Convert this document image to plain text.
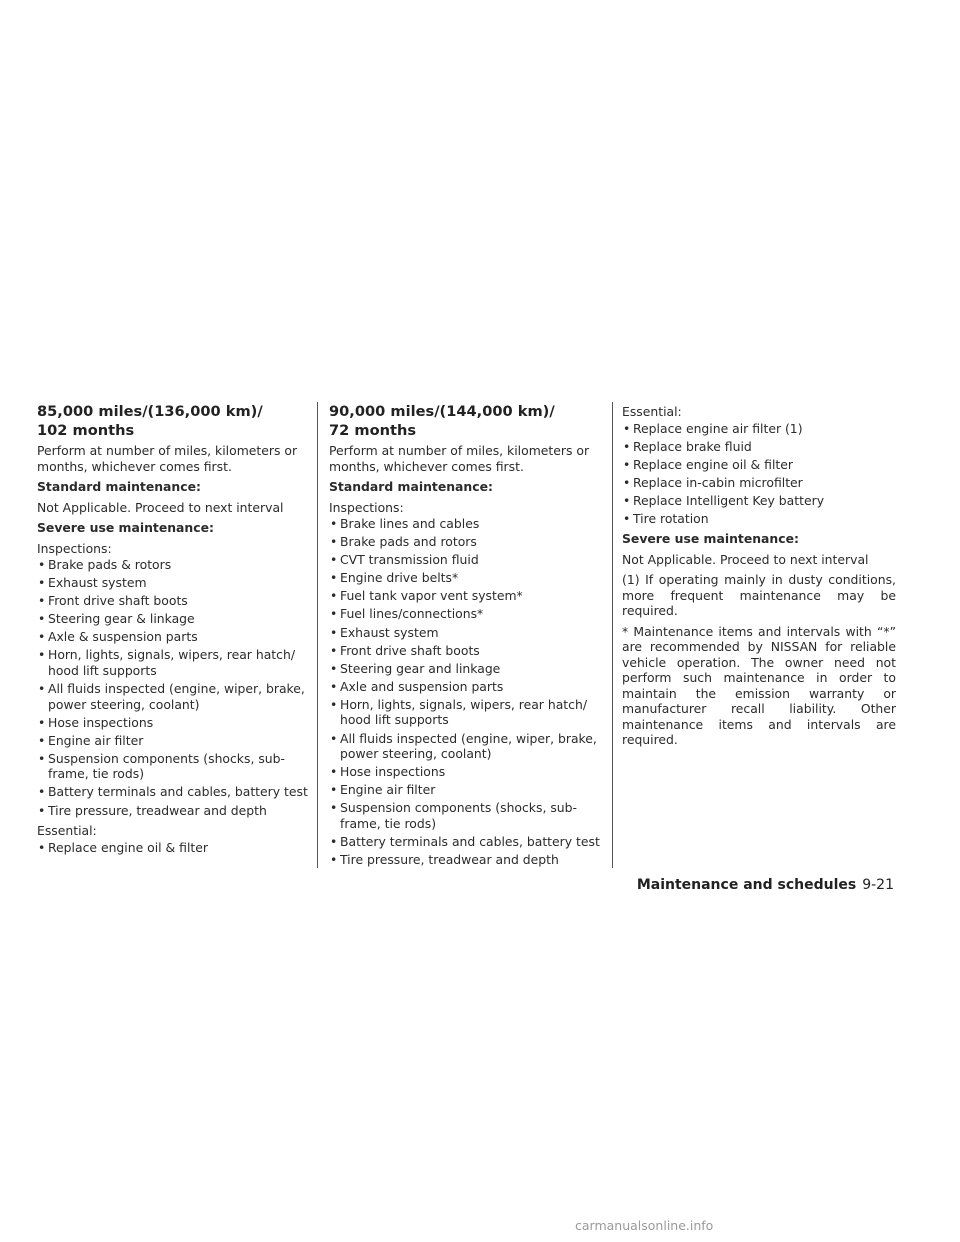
85,000 miles/(136,000 km)/
102 months

Perform at number of miles, kilometers or months, whichever comes first.

Standard maintenance:

Not Applicable. Proceed to next interval

Severe use maintenance:

Inspections:

• Brake pads & rotors
• Exhaust system
• Front drive shaft boots
• Steering gear & linkage
• Axle & suspension parts
• Horn, lights, signals, wipers, rear hatch/ hood lift supports
• All fluids inspected (engine, wiper, brake, power steering, coolant)
• Hose inspections
• Engine air filter
• Suspension components (shocks, sub-frame, tie rods)
• Battery terminals and cables, battery test
• Tire pressure, treadwear and depth

Essential:

• Replace engine oil & filter
90,000 miles/(144,000 km)/
72 months

Perform at number of miles, kilometers or months, whichever comes first.

Standard maintenance:

Inspections:

• Brake lines and cables
• Brake pads and rotors
• CVT transmission fluid
• Engine drive belts*
• Fuel tank vapor vent system*
• Fuel lines/connections*
• Exhaust system
• Front drive shaft boots
• Steering gear and linkage
• Axle and suspension parts
• Horn, lights, signals, wipers, rear hatch/ hood lift supports
• All fluids inspected (engine, wiper, brake, power steering, coolant)
• Hose inspections
• Engine air filter
• Suspension components (shocks, sub-frame, tie rods)
• Battery terminals and cables, battery test
• Tire pressure, treadwear and depth

Essential:

• Replace engine air filter (1)
• Replace brake fluid
• Replace engine oil & filter
• Replace in-cabin microfilter
• Replace Intelligent Key battery
• Tire rotation

Severe use maintenance:

Not Applicable. Proceed to next interval

(1) If operating mainly in dusty conditions, more frequent maintenance may be required.

* Maintenance items and intervals with “*” are recommended by NISSAN for reliable vehicle operation. The owner need not perform such maintenance in order to maintain the emission warranty or manufacturer recall liability. Other maintenance items and intervals are required.

Maintenance and schedules 9-21
carmanualsonline.info
